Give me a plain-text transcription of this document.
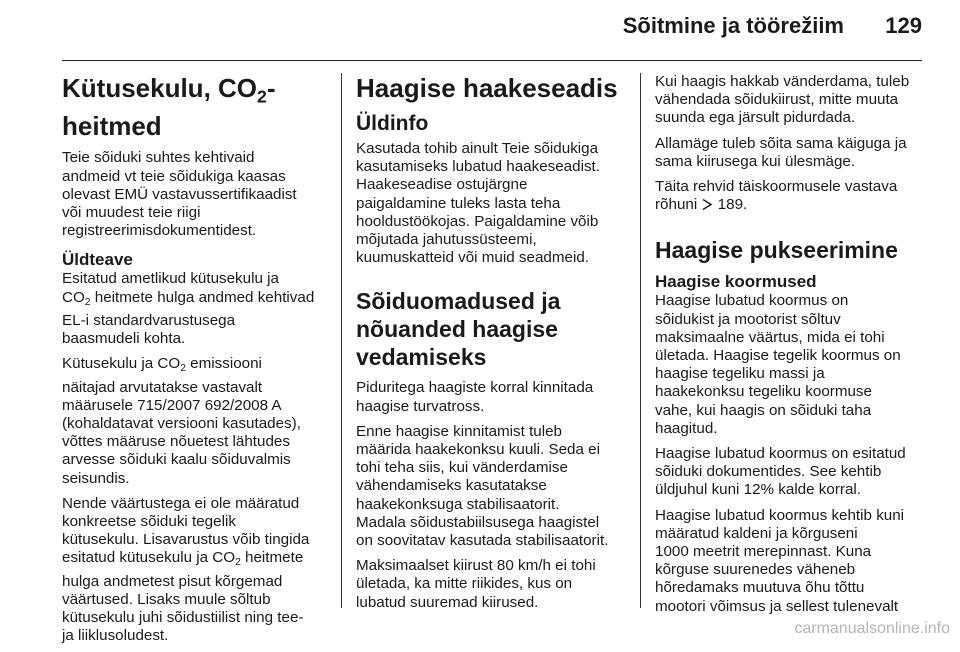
Sõitmine ja töörežiim 129
Kütusekulu, $CO_2$-heitmed

Teie sõiduki suhtes kehtivaid
andmeid vt teie sõidukiga kaasas
olevast EMÜ vastavussertifikaadist
või muudest teie riigi
registreerimisdokumentidest.

Üldteave

Esitatud ametlikud kütusekulu ja
$CO_2$ heitmete hulga andmed kehtivad
EL-i standardvarustusega
baasmudeli kohta.

Kütusekulu ja $CO_2$ emissiooni
näitajad arvutatakse vastavalt
määrusele 715/2007 692/2008 A
(kohaldatavat versiooni kasutades),
võttes määruse nõuetest lähtudes
arvesse sõiduki kaalu sõiduvalmis
seisundis.

Nende väärtustega ei ole määratud
konkreetse sõiduki tegelik
kütusekulu. Lisavarustus võib tingida
esitatud kütusekulu ja $CO_2$ heitmete
hulga andmetest pisut kõrgemad
väärtused. Lisaks muule sõltub
kütusekulu juhi sõidustiilist ning tee-
ja liiklusoludest.

Haagise haakeseadis
Üldinfo

Kasutada tohib ainult Teie sõidukiga
kasutamiseks lubatud haakeseadist.
Haakeseadise ostujärgne
paigaldamine tuleks lasta teha
hooldustöökojas. Paigaldamine võib
mõjutada jahutussüsteemi,
kuumuskatteid või muid seadmeid.

Sõiduomadused ja
nõuanded haagise
vedamiseks

Piduritega haagiste korral kinnitada
haagise turvatross.

Enne haagise kinnitamist tuleb
määrida haakekonksu kuuli. Seda ei
tohi teha siis, kui vänderdamise
vähendamiseks kasutatakse
haakekonksuga stabilisaatorit.
Madala sõidustabiilsusega haagistel
on soovitatav kasutada stabilisaatorit.

Maksimaalset kiirust 80 km/h ei tohi
ületada, ka mitte riikides, kus on
lubatud suuremad kiirused.

Kui haagis hakkab vänderdama, tuleb
vähendada sõidukiirust, mitte muuta
suunda ega järsult pidurdada.

Allamäge tuleb sõita sama käiguga ja
sama kiirusega kui ülesmäge.

Täita rehvid täiskoormusele vastava
rõhuni  189.

Haagise pukseerimine
Haagise koormused

Haagise lubatud koormus on
sõidukist ja mootorist sõltuv
maksimaalne väärtus, mida ei tohi
ületada. Haagise tegelik koormus on
haagise tegeliku massi ja
haakekonksu tegeliku koormuse
vahe, kui haagis on sõiduki taha
haagitud.

Haagise lubatud koormus on esitatud
sõiduki dokumentides. See kehtib
üldjuhul kuni 12% kalde korral.

Haagise lubatud koormus kehtib kuni
määratud kaldeni ja kõrguseni
1000 meetrit merepinnast. Kuna
kõrguse suurenedes väheneb
hõredamaks muutuva õhu tõttu
mootori võimsus ja sellest tulenevalt

carmanualsonline.info
